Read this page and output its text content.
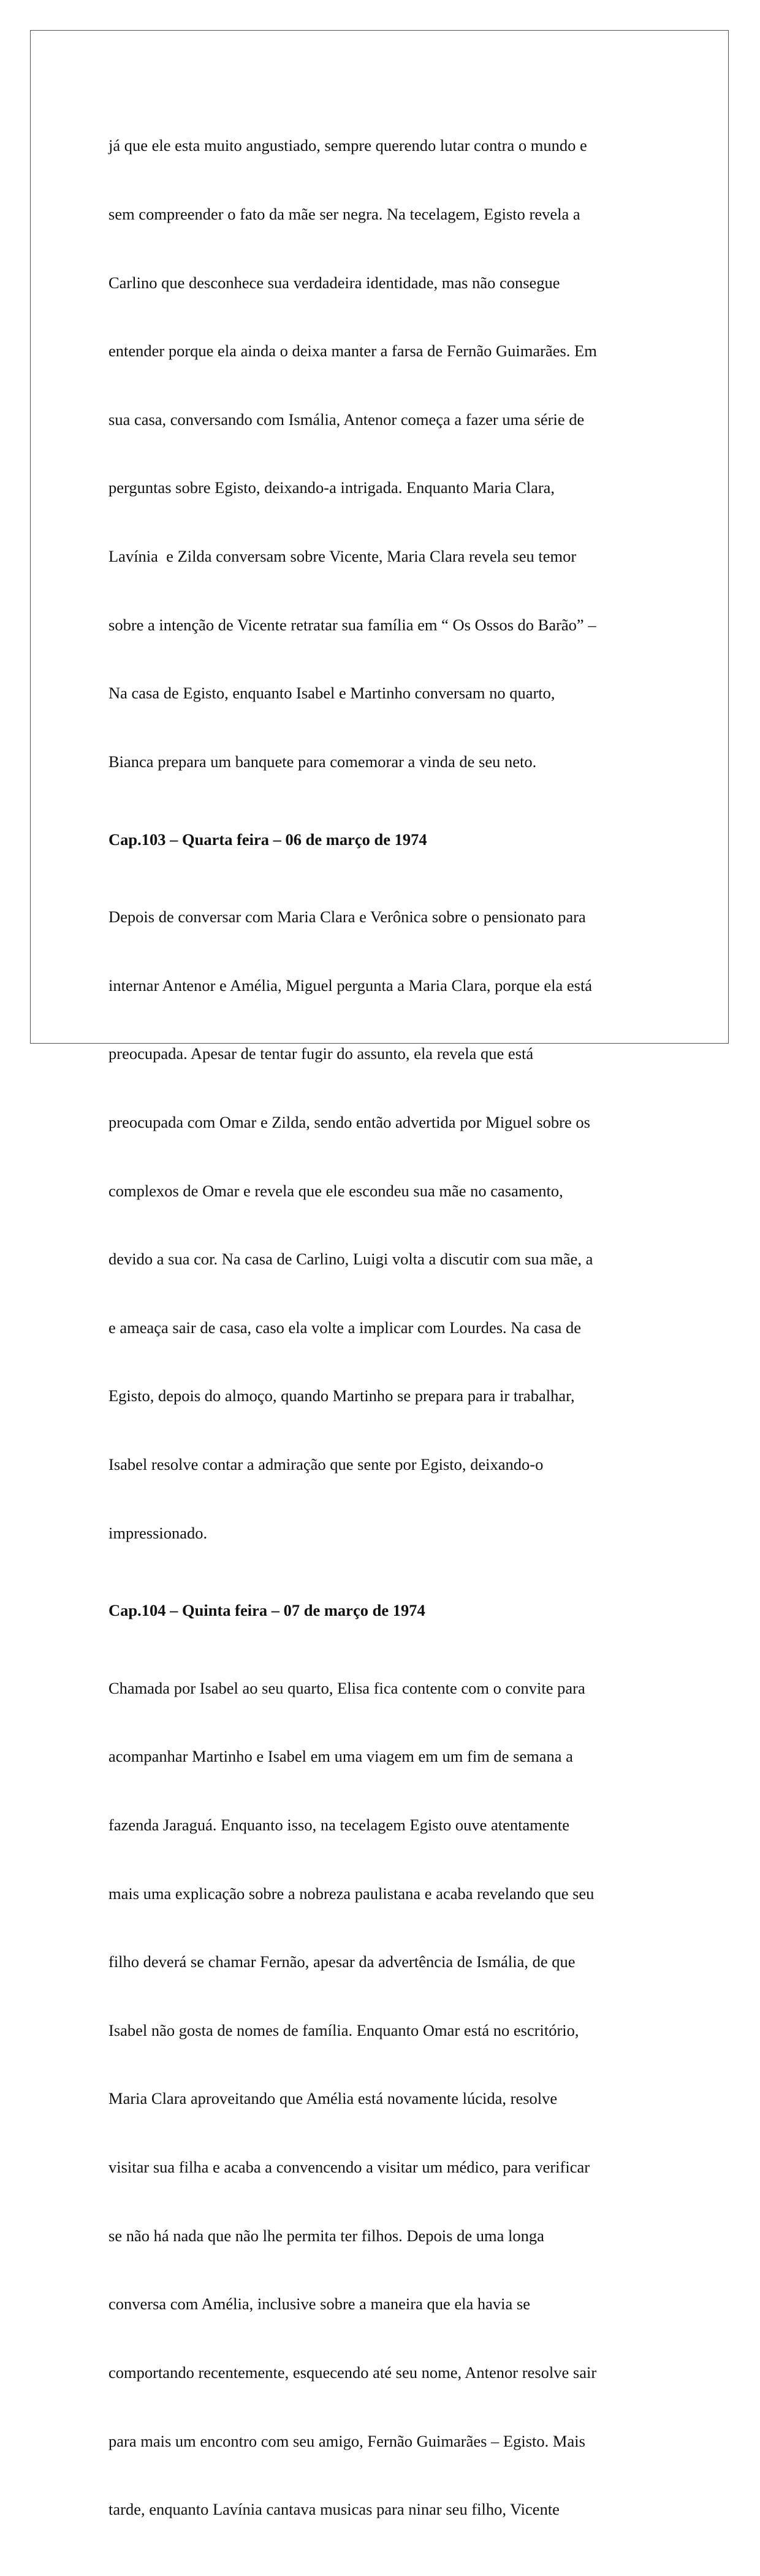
já que ele esta muito angustiado, sempre querendo lutar contra o mundo e

sem compreender o fato da mãe ser negra. Na tecelagem, Egisto revela a

Carlino que desconhece sua verdadeira identidade, mas não consegue

entender porque ela ainda o deixa manter a farsa de Fernão Guimarães. Em

sua casa, conversando com Ismália, Antenor começa a fazer uma série de

perguntas sobre Egisto, deixando-a intrigada. Enquanto Maria Clara,

Lavínia  e Zilda conversam sobre Vicente, Maria Clara revela seu temor

sobre a intenção de Vicente retratar sua família em “ Os Ossos do Barão” –

Na casa de Egisto, enquanto Isabel e Martinho conversam no quarto,

Bianca prepara um banquete para comemorar a vinda de seu neto.

Cap.103 – Quarta feira – 06 de março de 1974

Depois de conversar com Maria Clara e Verônica sobre o pensionato para

internar Antenor e Amélia, Miguel pergunta a Maria Clara, porque ela está

preocupada. Apesar de tentar fugir do assunto, ela revela que está

preocupada com Omar e Zilda, sendo então advertida por Miguel sobre os

complexos de Omar e revela que ele escondeu sua mãe no casamento,

devido a sua cor. Na casa de Carlino, Luigi volta a discutir com sua mãe, a

e ameaça sair de casa, caso ela volte a implicar com Lourdes. Na casa de

Egisto, depois do almoço, quando Martinho se prepara para ir trabalhar,

Isabel resolve contar a admiração que sente por Egisto, deixando-o

impressionado.

Cap.104 – Quinta feira – 07 de março de 1974

Chamada por Isabel ao seu quarto, Elisa fica contente com o convite para

acompanhar Martinho e Isabel em uma viagem em um fim de semana a

fazenda Jaraguá. Enquanto isso, na tecelagem Egisto ouve atentamente

mais uma explicação sobre a nobreza paulistana e acaba revelando que seu

filho deverá se chamar Fernão, apesar da advertência de Ismália, de que

Isabel não gosta de nomes de família. Enquanto Omar está no escritório,

Maria Clara aproveitando que Amélia está novamente lúcida, resolve

visitar sua filha e acaba a convencendo a visitar um médico, para verificar

se não há nada que não lhe permita ter filhos. Depois de uma longa

conversa com Amélia, inclusive sobre a maneira que ela havia se

comportando recentemente, esquecendo até seu nome, Antenor resolve sair

para mais um encontro com seu amigo, Fernão Guimarães – Egisto. Mais

tarde, enquanto Lavínia cantava musicas para ninar seu filho, Vicente
